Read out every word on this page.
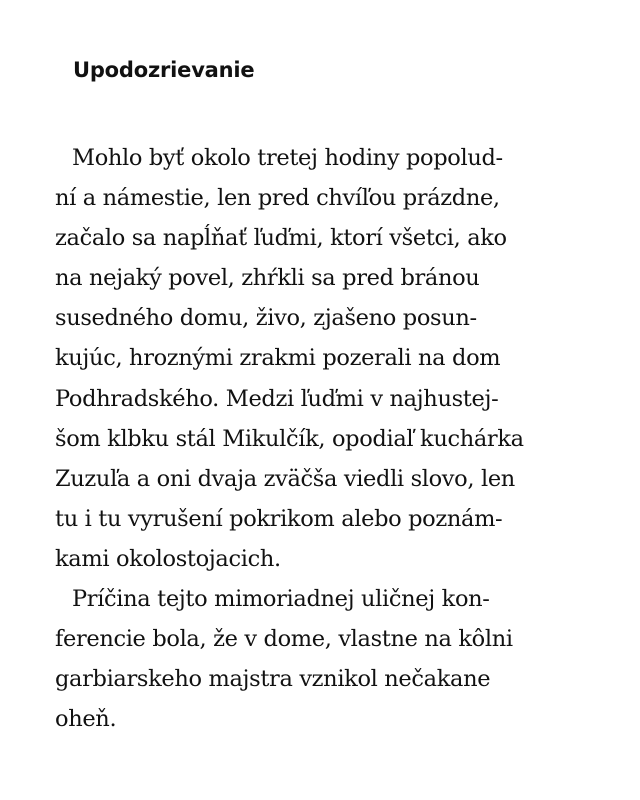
Upodozrievanie
Mohlo byť okolo tretej hodiny popolud-
ní a námestie, len pred chvíľou prázdne,
začalo sa napĺňať ľuďmi, ktorí všetci, ako
na nejaký povel, zhŕkli sa pred bránou
susedného domu, živo, zjašeno posun-
kujúc, hroznými zrakmi pozerali na dom
Podhradského. Medzi ľuďmi v najhustej-
šom klbku stál Mikulčík, opodiaľ kuchárka
Zuzuľa a oni dvaja zväčša viedli slovo, len
tu i tu vyrušení pokrikom alebo poznám-
kami okolostojacich.
Príčina tejto mimoriadnej uličnej kon-
ferencie bola, že v dome, vlastne na kôlni
garbiarskeho majstra vznikol nečakane
oheň.
